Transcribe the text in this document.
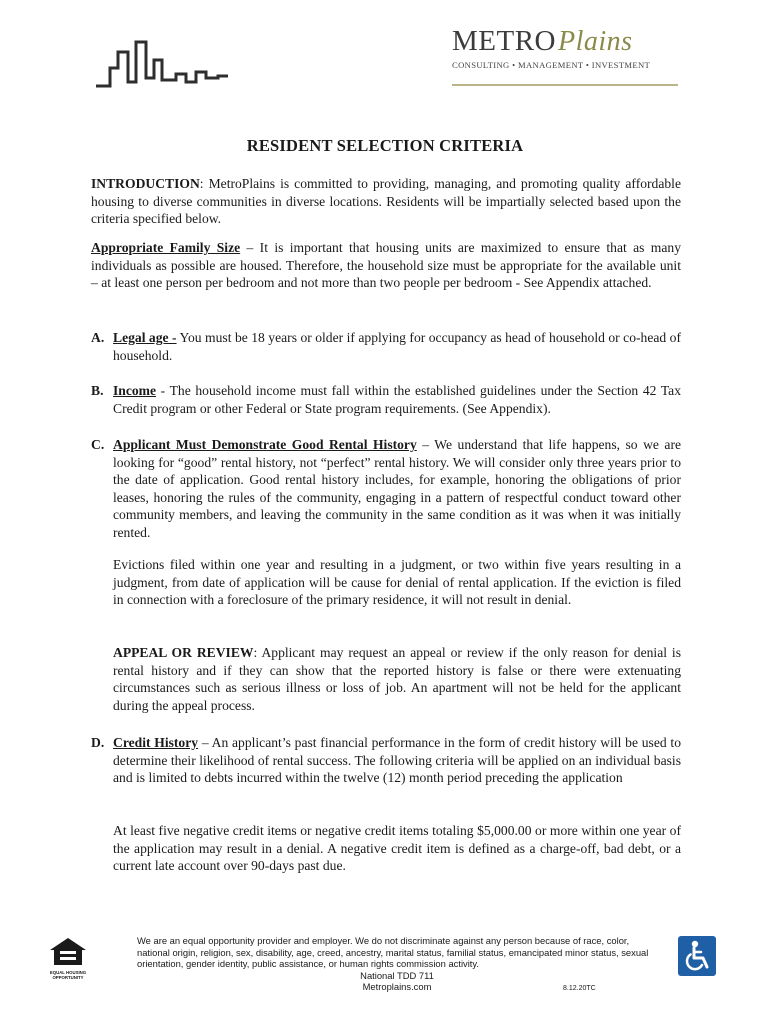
METROPlains
CONSULTING • MANAGEMENT • INVESTMENT
RESIDENT SELECTION CRITERIA
INTRODUCTION: MetroPlains is committed to providing, managing, and promoting quality affordable housing to diverse communities in diverse locations. Residents will be impartially selected based upon the criteria specified below.
Appropriate Family Size – It is important that housing units are maximized to ensure that as many individuals as possible are housed. Therefore, the household size must be appropriate for the available unit – at least one person per bedroom and not more than two people per bedroom - See Appendix attached.
A. Legal age - You must be 18 years or older if applying for occupancy as head of household or co-head of household.
B. Income - The household income must fall within the established guidelines under the Section 42 Tax Credit program or other Federal or State program requirements. (See Appendix).
C. Applicant Must Demonstrate Good Rental History – We understand that life happens, so we are looking for “good” rental history, not “perfect” rental history. We will consider only three years prior to the date of application. Good rental history includes, for example, honoring the obligations of prior leases, honoring the rules of the community, engaging in a pattern of respectful conduct toward other community members, and leaving the community in the same condition as it was when it was initially rented.
Evictions filed within one year and resulting in a judgment, or two within five years resulting in a judgment, from date of application will be cause for denial of rental application. If the eviction is filed in connection with a foreclosure of the primary residence, it will not result in denial.
APPEAL OR REVIEW: Applicant may request an appeal or review if the only reason for denial is rental history and if they can show that the reported history is false or there were extenuating circumstances such as serious illness or loss of job. An apartment will not be held for the applicant during the appeal process.
D. Credit History – An applicant’s past financial performance in the form of credit history will be used to determine their likelihood of rental success. The following criteria will be applied on an individual basis and is limited to debts incurred within the twelve (12) month period preceding the application
At least five negative credit items or negative credit items totaling $5,000.00 or more within one year of the application may result in a denial. A negative credit item is defined as a charge-off, bad debt, or a current late account over 90-days past due.
EQUAL HOUSING
OPPORTUNITY
We are an equal opportunity provider and employer. We do not discriminate against any person because of race, color, national origin, religion, sex, disability, age, creed, ancestry, marital status, familial status, emancipated minor status, sexual orientation, gender identity, public assistance, or human rights commission activity.
National TDD 711
Metroplains.com	8.12.20TC
